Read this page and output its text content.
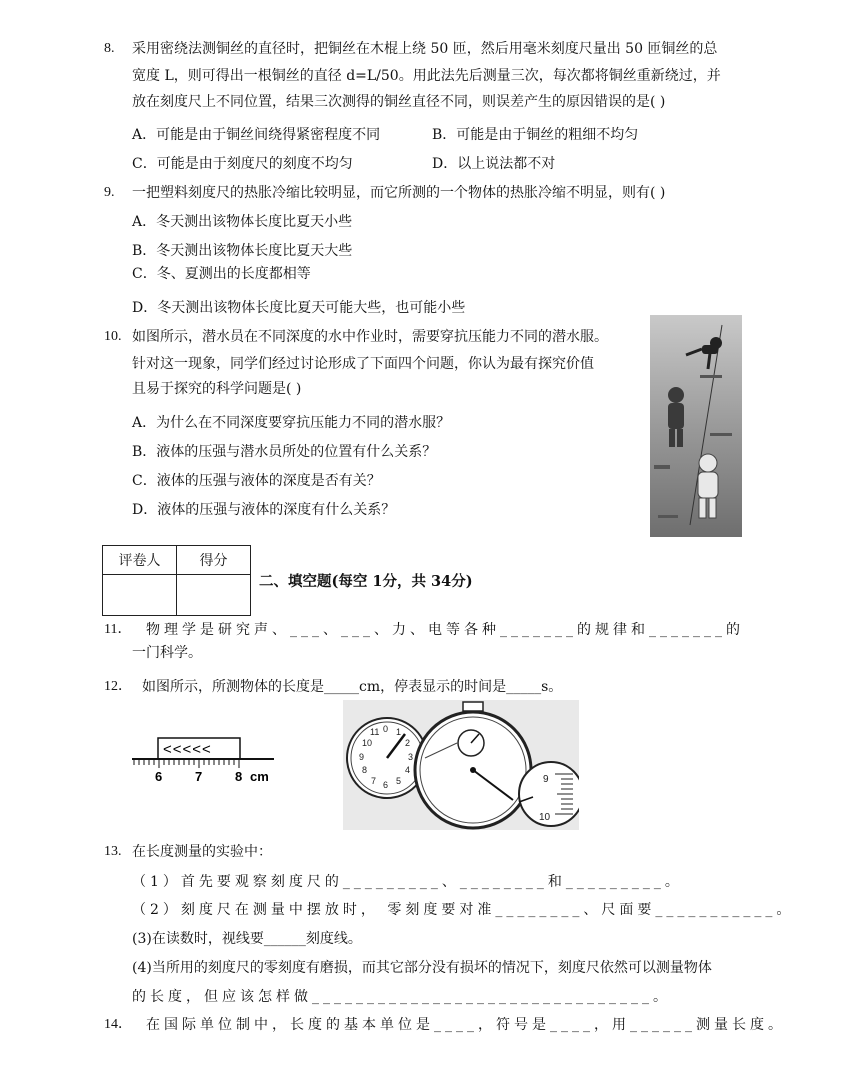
8. 采用密绕法测铜丝的直径时，把铜丝在木棍上绕 50 匝，然后用毫米刻度尺量出 50 匝铜丝的总
宽度 L，则可得出一根铜丝的直径 d=L/50。用此法先后测量三次，每次都将铜丝重新绕过，并
放在刻度尺上不同位置，结果三次测得的铜丝直径不同，则误差产生的原因错误的是( )
A．可能是由于铜丝间绕得紧密程度不同	B．可能是由于铜丝的粗细不均匀
C．可能是由于刻度尺的刻度不均匀	D．以上说法都不对
9. 一把塑料刻度尺的热胀冷缩比较明显，而它所测的一个物体的热胀冷缩不明显，则有( )
A．冬天测出该物体长度比夏天小些
B．冬天测出该物体长度比夏天大些
C．冬、夏测出的长度都相等
D．冬天测出该物体长度比夏天可能大些，也可能小些
10. 如图所示，潜水员在不同深度的水中作业时，需要穿抗压能力不同的潜水服。
针对这一现象，同学们经过讨论形成了下面四个问题，你认为最有探究价值
且易于探究的科学问题是( )
A．为什么在不同深度要穿抗压能力不同的潜水服？
B．液体的压强与潜水员所处的位置有什么关系？
C．液体的压强与液体的深度是否有关？
D．液体的压强与液体的深度有什么关系？
评卷人	得分

二、填空题(每空 1分，共 34分)
11． 物理学是研究声、___、___、力、电等各种_______的规律和_______的
一门科学。
12． 如图所示，所测物体的长度是_____cm，停表显示的时间是_____s。
<<<<<
6	7	8 cm
0 1
2
3
4
5
6
7
8
9
10
11
9
10
13. 在长度测量的实验中：
（1）首先要观察刻度尺的_________、________和_________。
（2）刻度尺在测量中摆放时， 零刻度要对准________、尺面要___________。
(3)在读数时，视线要______刻度线。
(4)当所用的刻度尺的零刻度有磨损，而其它部分没有损坏的情况下，刻度尺依然可以测量物体
的长度，但应该怎样做_______________________________。
14． 在国际单位制中，长度的基本单位是____，符号是____，用______测量长度。
